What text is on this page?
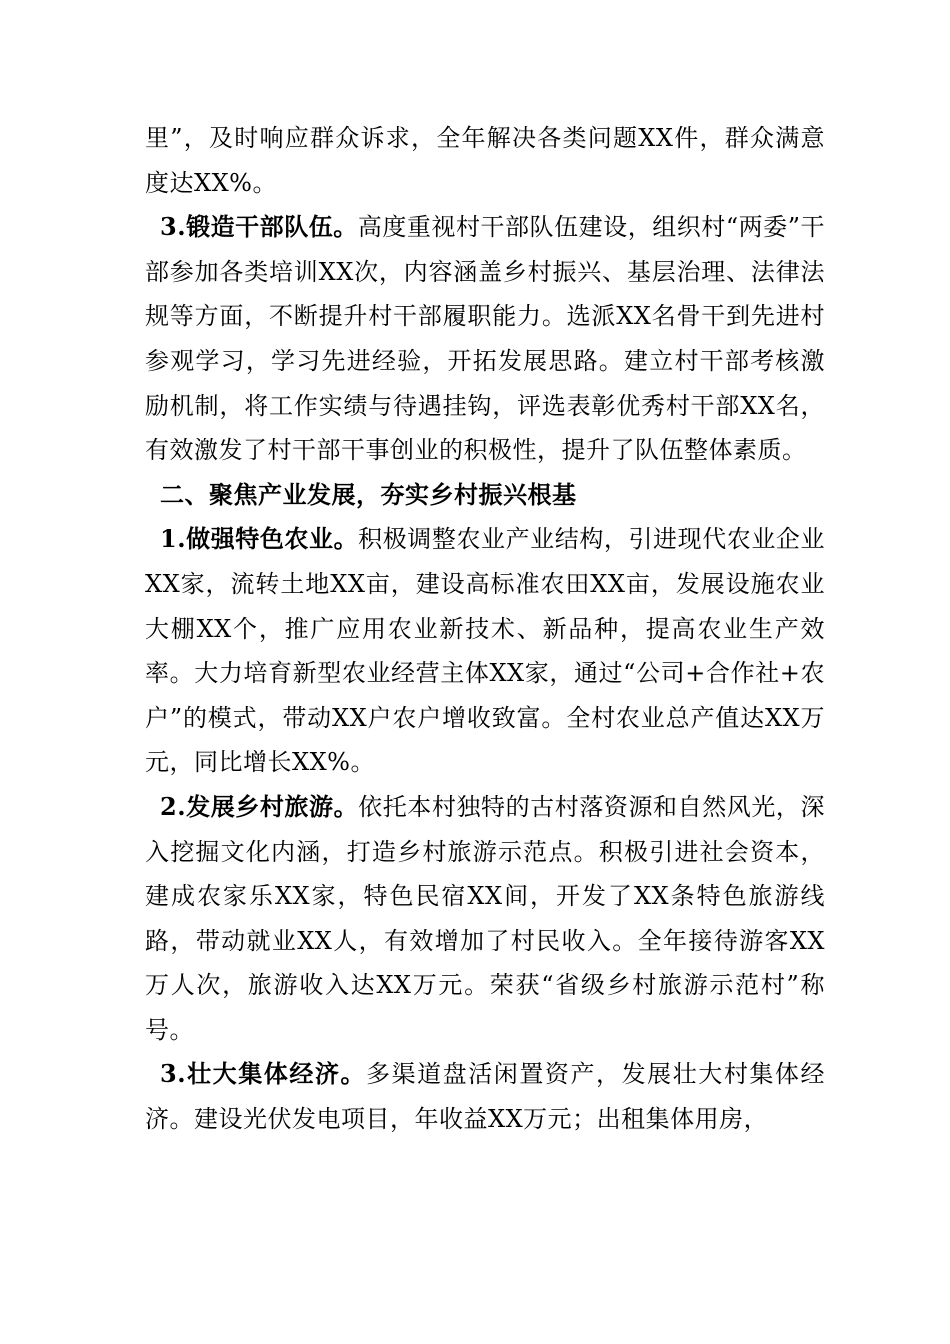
里”，及时响应群众诉求，全年解决各类问题XX件，群众满意度达XX%。

3.锻造干部队伍。高度重视村干部队伍建设，组织村“两委”干部参加各类培训XX次，内容涵盖乡村振兴、基层治理、法律法规等方面，不断提升村干部履职能力。选派XX名骨干到先进村参观学习，学习先进经验，开拓发展思路。建立村干部考核激励机制，将工作实绩与待遇挂钩，评选表彰优秀村干部XX名，有效激发了村干部干事创业的积极性，提升了队伍整体素质。

二、聚焦产业发展，夯实乡村振兴根基

1.做强特色农业。积极调整农业产业结构，引进现代农业企业XX家，流转土地XX亩，建设高标准农田XX亩，发展设施农业大棚XX个，推广应用农业新技术、新品种，提高农业生产效率。大力培育新型农业经营主体XX家，通过“公司+合作社+农户”的模式，带动XX户农户增收致富。全村农业总产值达XX万元，同比增长XX%。

2.发展乡村旅游。依托本村独特的古村落资源和自然风光，深入挖掘文化内涵，打造乡村旅游示范点。积极引进社会资本，建成农家乐XX家，特色民宿XX间，开发了XX条特色旅游线路，带动就业XX人，有效增加了村民收入。全年接待游客XX万人次，旅游收入达XX万元。荣获“省级乡村旅游示范村”称号。

3.壮大集体经济。多渠道盘活闲置资产，发展壮大村集体经济。建设光伏发电项目，年收益XX万元；出租集体用房，
